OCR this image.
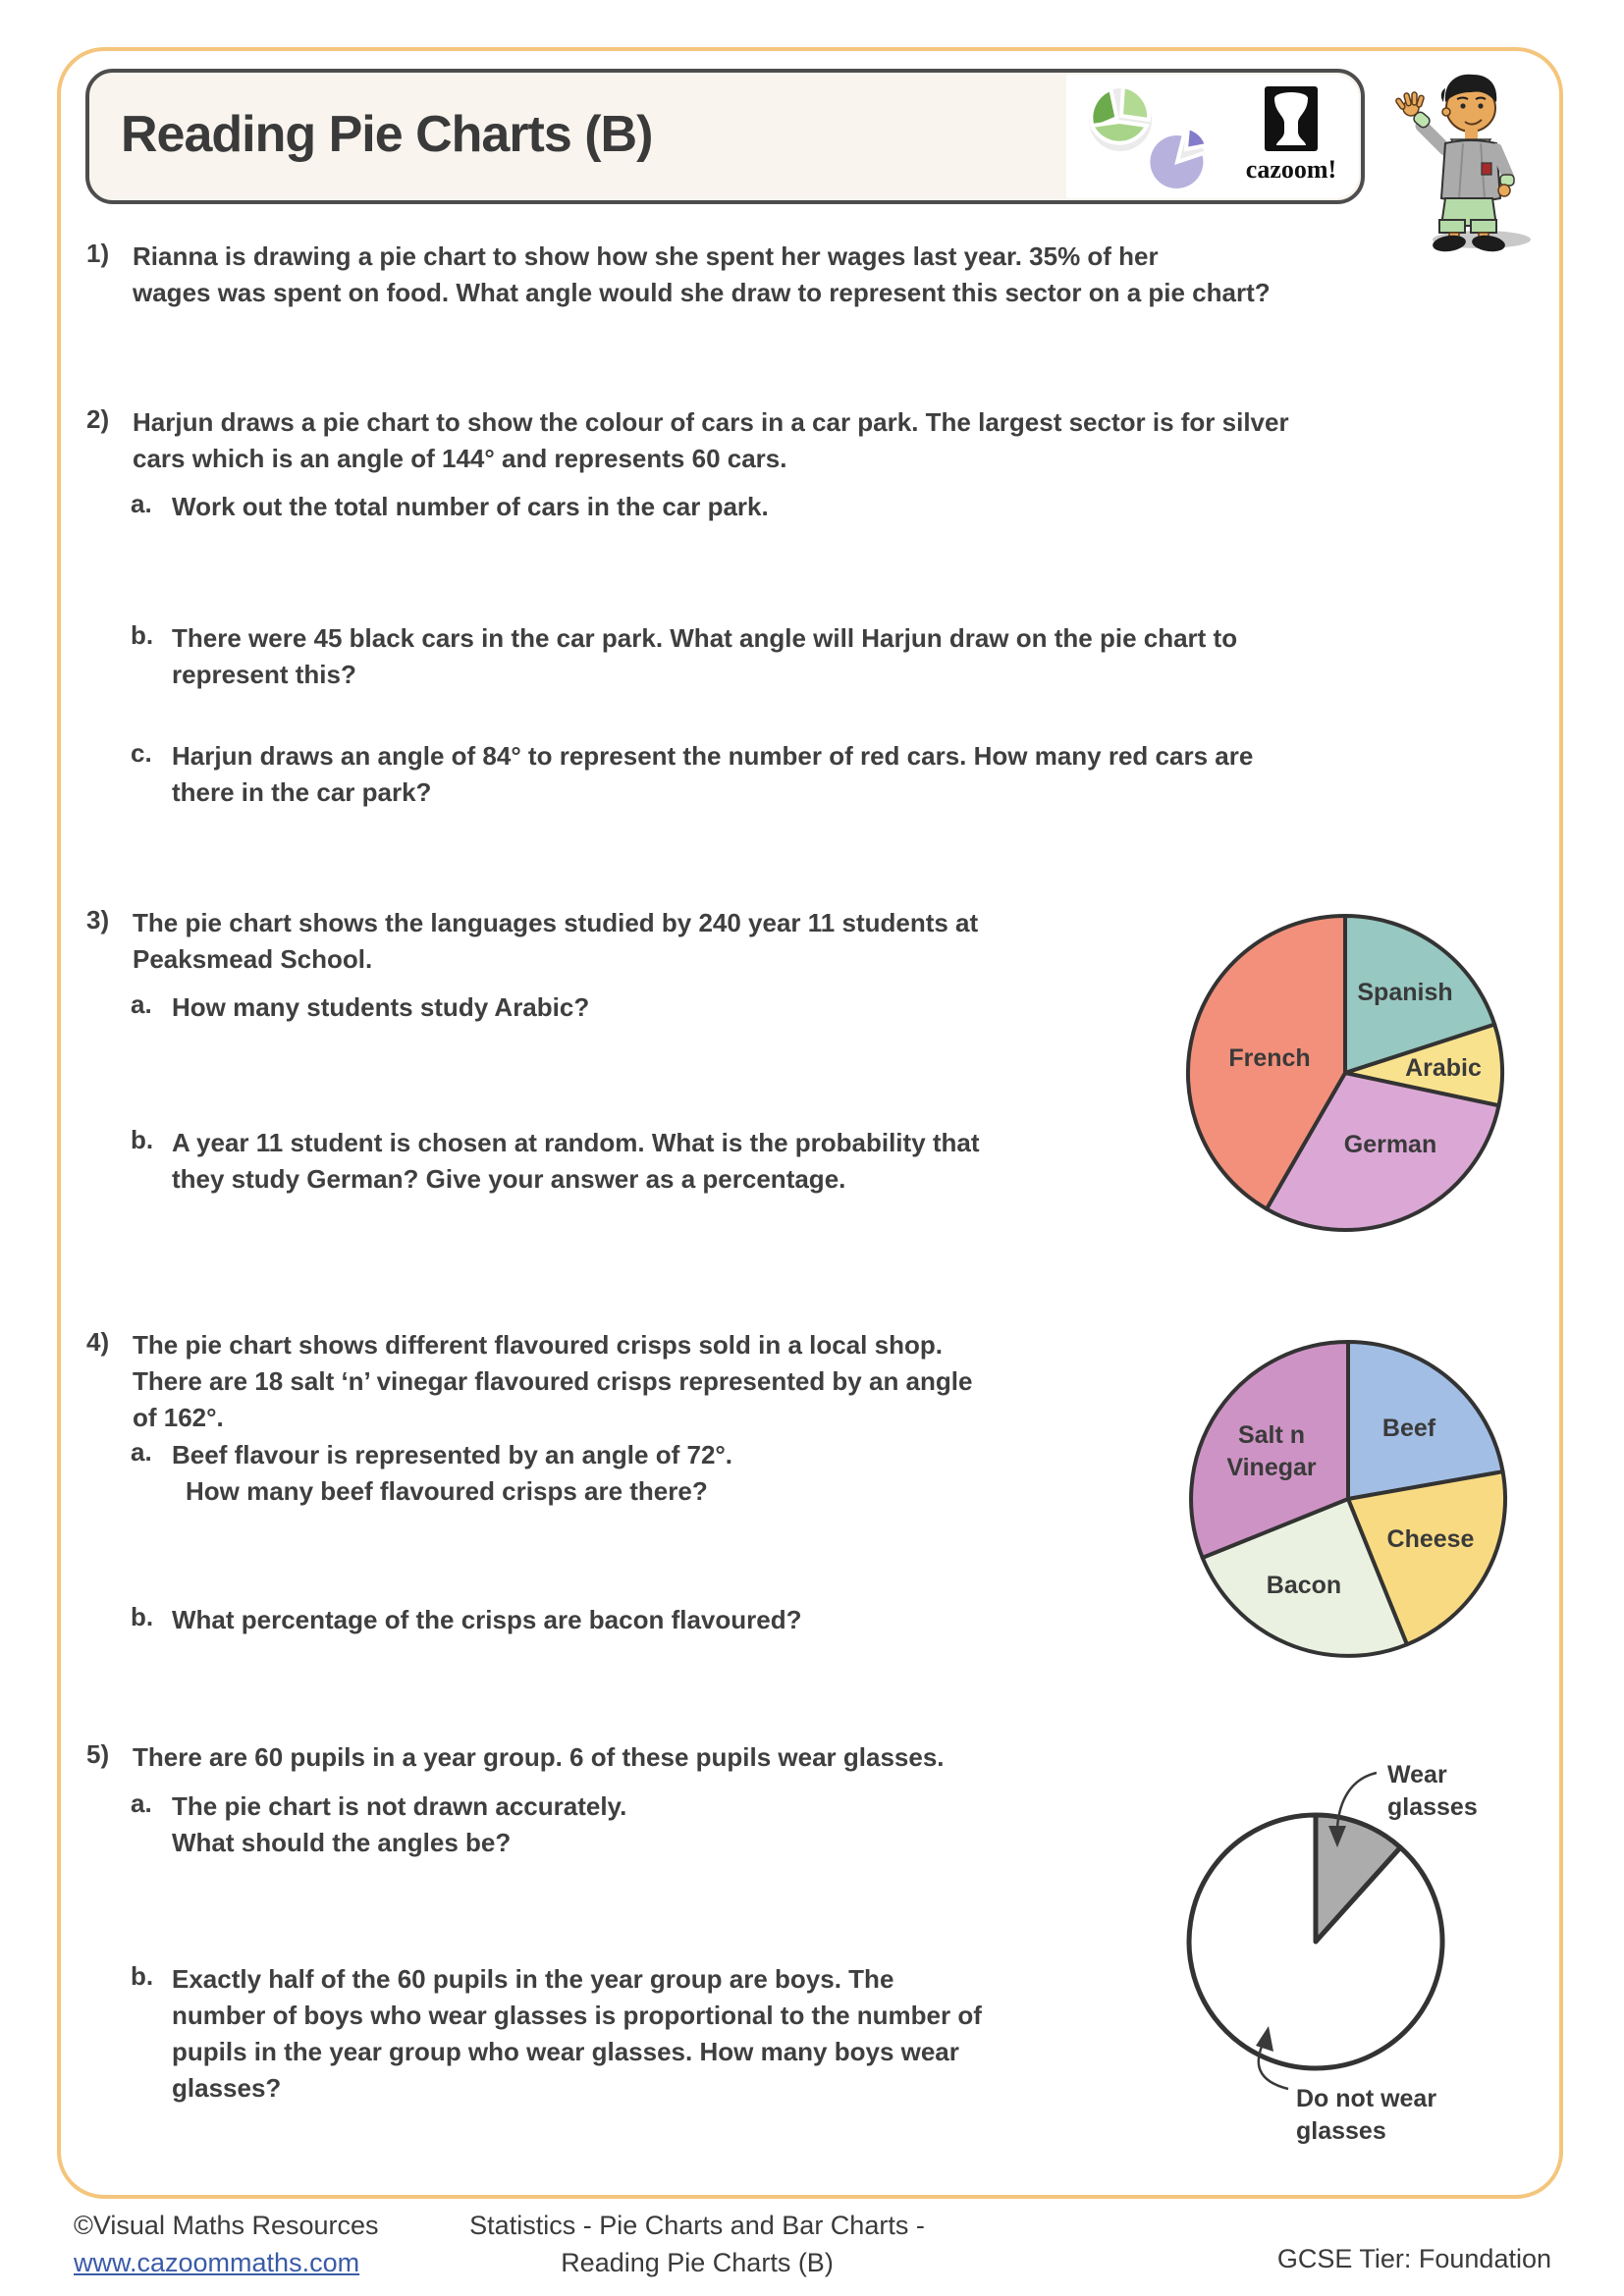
Reading Pie Charts (B)
cazoom!
1) Rianna is drawing a pie chart to show how she spent her wages last year. 35% of her
wages was spent on food. What angle would she draw to represent this sector on a pie chart?
2) Harjun draws a pie chart to show the colour of cars in a car park. The largest sector is for silver
cars which is an angle of 144° and represents 60 cars.
a. Work out the total number of cars in the car park.
b. There were 45 black cars in the car park. What angle will Harjun draw on the pie chart to
represent this?
c. Harjun draws an angle of 84° to represent the number of red cars. How many red cars are
there in the car park?
3) The pie chart shows the languages studied by 240 year 11 students at
Peaksmead School.
a. How many students study Arabic?
b. A year 11 student is chosen at random. What is the probability that
they study German? Give your answer as a percentage.
Spanish
Arabic
German
French
4) The pie chart shows different flavoured crisps sold in a local shop.
There are 18 salt ‘n’ vinegar flavoured crisps represented by an angle
of 162°.
a. Beef flavour is represented by an angle of 72°.
How many beef flavoured crisps are there?
b. What percentage of the crisps are bacon flavoured?
Beef
Cheese
Bacon
Salt n Vinegar
5) There are 60 pupils in a year group. 6 of these pupils wear glasses.
a. The pie chart is not drawn accurately.
What should the angles be?
b. Exactly half of the 60 pupils in the year group are boys. The
number of boys who wear glasses is proportional to the number of
pupils in the year group who wear glasses. How many boys wear
glasses?
Wear
glasses
Do not wear
glasses
©Visual Maths Resources
www.cazoommaths.com
Statistics - Pie Charts and Bar Charts -
Reading Pie Charts (B)	GCSE Tier: Foundation
